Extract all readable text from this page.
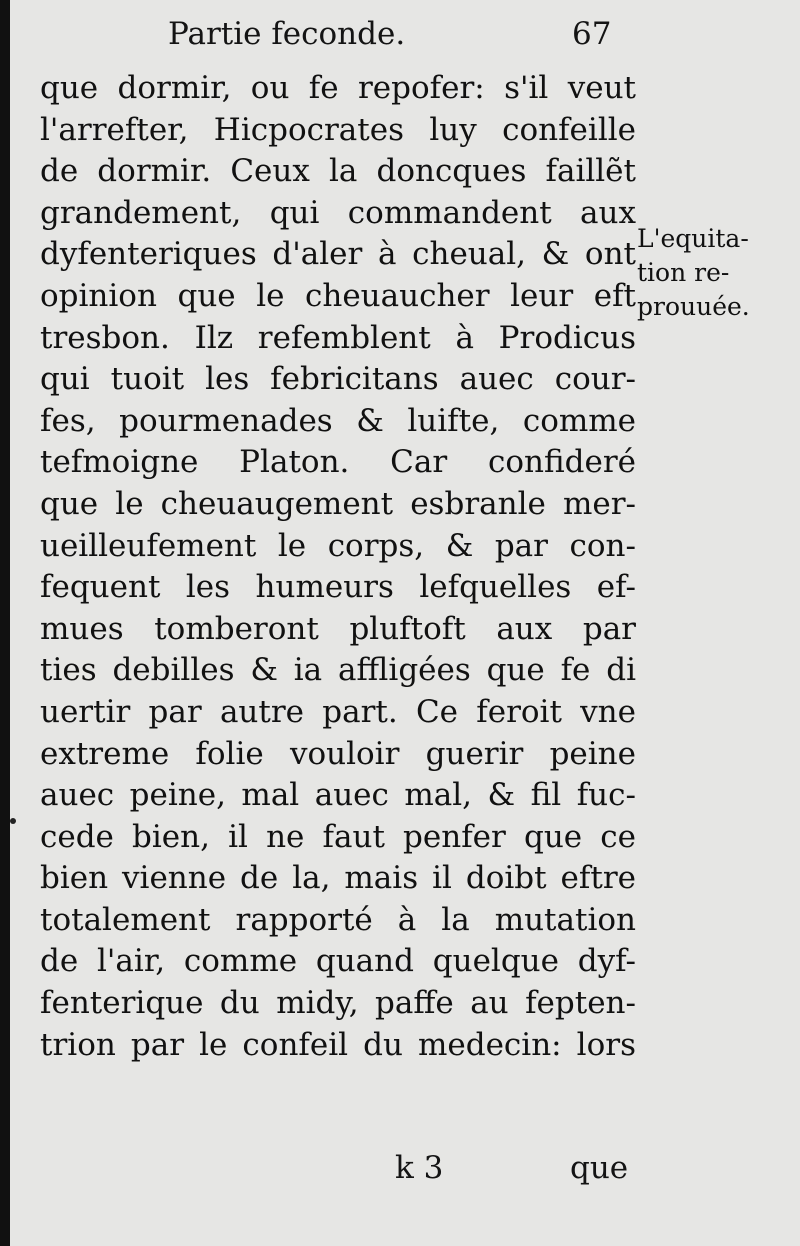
Partie feconde.	67
que dormir, ou fe repofer: s'il veut
l'arrefter, Hicpocrates luy confeille
de dormir. Ceux la doncques faillẽt
grandement, qui commandent aux
dyfenteriques d'aler à cheual, & ont
opinion que le cheuaucher leur eft
tresbon. Ilz refemblent à Prodicus
qui tuoit les febricitans auec cour-
fes, pourmenades & luifte, comme
tefmoigne Platon. Car confideré
que le cheuaugement esbranle mer-
ueilleufement le corps, & par con-
fequent les humeurs lefquelles ef-
mues tomberont pluftoft aux par
ties debilles & ia affligées que fe di
uertir par autre part. Ce feroit vne
extreme folie vouloir guerir peine
auec peine, mal auec mal, & fil fuc-
cede bien, il ne faut penfer que ce
bien vienne de la, mais il doibt eftre
totalement rapporté à la mutation
de l'air, comme quand quelque dyf-
fenterique du midy, paffe au fepten-
trion par le confeil du medecin: lors
L'equita-
tion re-
prouuée.
k 3	que
